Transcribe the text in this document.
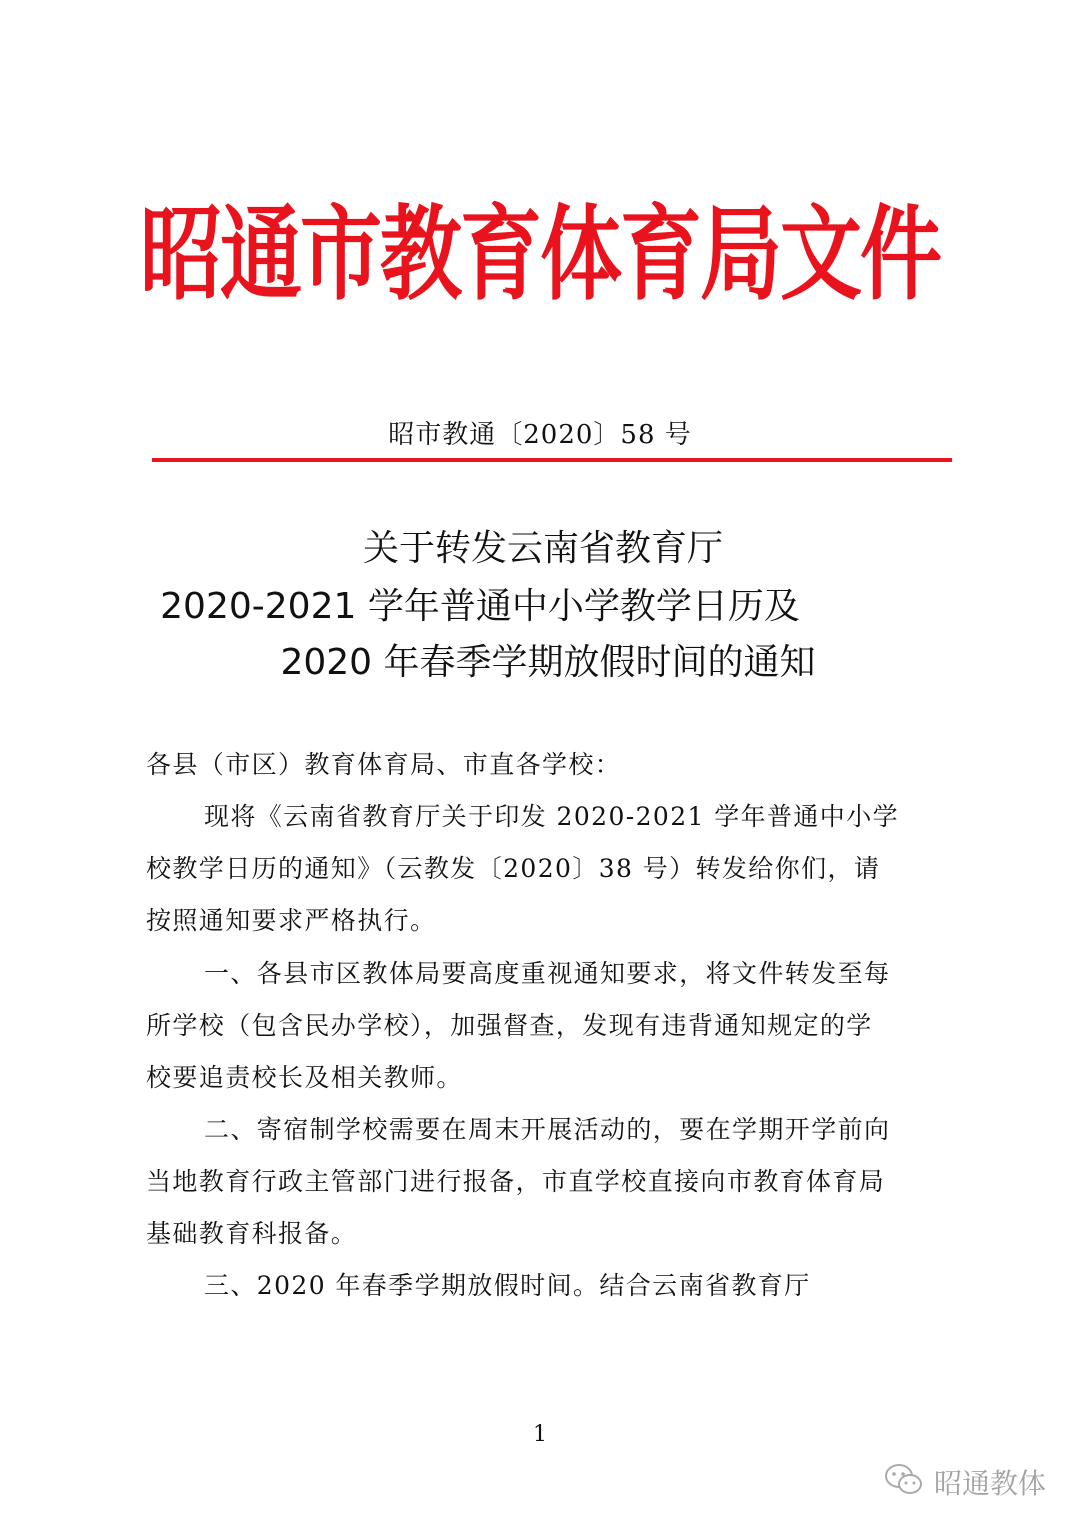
昭通市教育体育局文件
昭市教通〔2020〕58 号
关于转发云南省教育厅
2020-2021 学年普通中小学教学日历及
2020 年春季学期放假时间的通知
各县（市区）教育体育局、市直各学校：
现将《云南省教育厅关于印发 2020-2021 学年普通中小学
校教学日历的通知》（云教发〔2020〕38 号）转发给你们，请
按照通知要求严格执行。
一、各县市区教体局要高度重视通知要求，将文件转发至每
所学校（包含民办学校），加强督查，发现有违背通知规定的学
校要追责校长及相关教师。
二、寄宿制学校需要在周末开展活动的，要在学期开学前向
当地教育行政主管部门进行报备，市直学校直接向市教育体育局
基础教育科报备。
三、2020 年春季学期放假时间。结合云南省教育厅
1
昭通教体
